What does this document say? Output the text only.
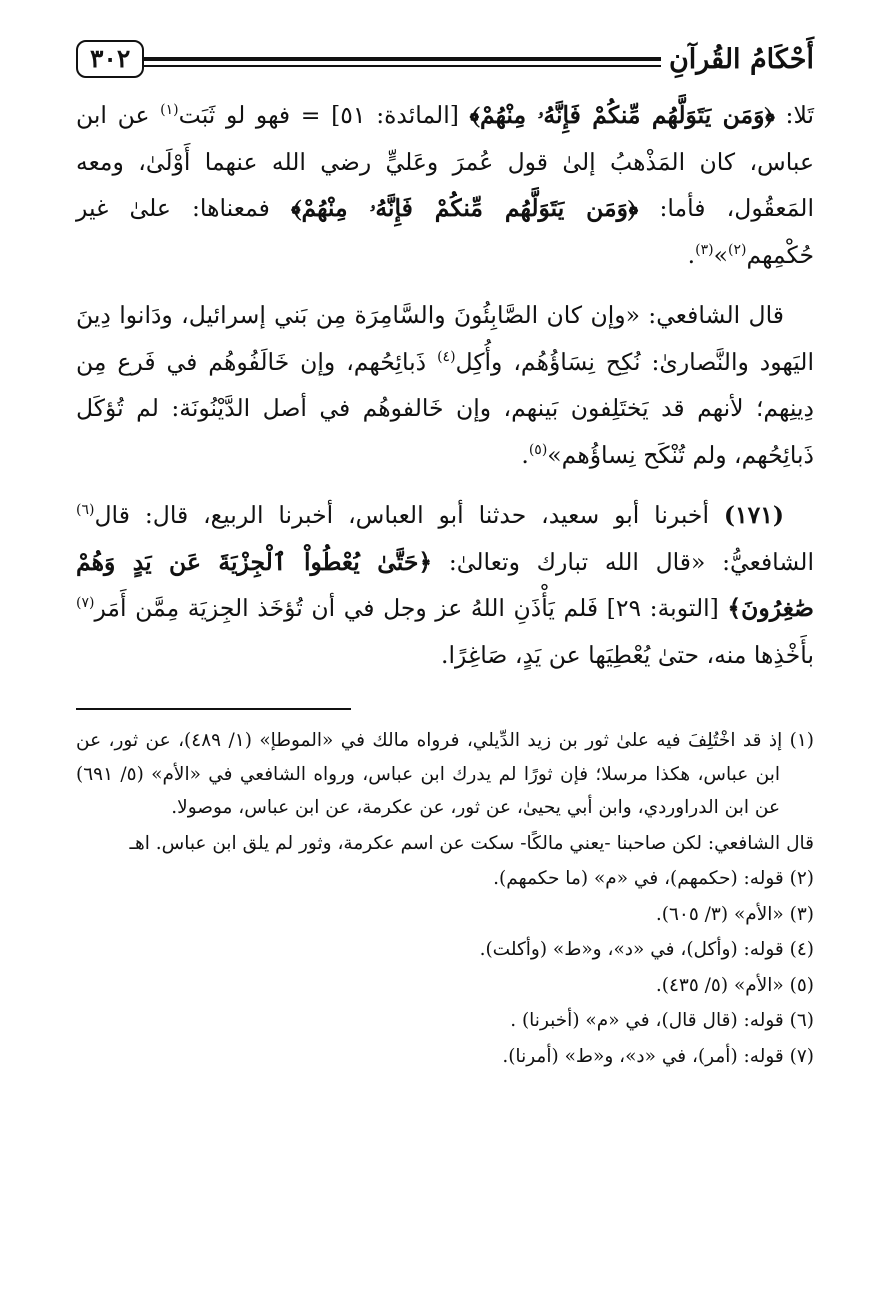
أَحْكَامُ القُرآنِ
٣٠٢

تَلا: ﴿وَمَن يَتَوَلَّهُم مِّنكُمْ فَإِنَّهُۥ مِنْهُمْ﴾ [المائدة: ٥١] = فهو لو ثَبَت$^{(١)}$ عن ابن عباس، كان المَذْهبُ إلىٰ قول عُمرَ وعَليٍّ رضي الله عنهما أَوْلَىٰ، ومعه المَعقُول، فأما: ﴿وَمَن يَتَوَلَّهُم مِّنكُمْ فَإِنَّهُۥ مِنْهُمْ﴾ فمعناها: علىٰ غير حُكْمِهم$^{(٢)}$»$^{(٣)}$.

قال الشافعي: «وإن كان الصَّابِئُونَ والسَّامِرَة مِن بَني إسرائيل، ودَانوا دِينَ اليَهود والنَّصارىٰ: نُكِح نِسَاؤُهُم، وأُكِل$^{(٤)}$ ذَبائِحُهم، وإن خَالَفُوهُم في فَرع مِن دِينِهم؛ لأنهم قد يَختَلِفون بَينهم، وإن خَالفوهُم في أصل الدَّيْنُونَة: لم تُؤكَل ذَبائِحُهم، ولم تُنْكَح نِساؤُهم»$^{(٥)}$.

(١٧١) أخبرنا أبو سعيد، حدثنا أبو العباس، أخبرنا الربيع، قال: قال$^{(٦)}$ الشافعيُّ: «قال الله تبارك وتعالىٰ: ﴿حَتَّىٰ يُعْطُواْ ٱلْجِزْيَةَ عَن يَدٍ وَهُمْ صَٰغِرُونَ﴾ [التوبة: ٢٩] فَلم يَأْذَنِ اللهُ عز وجل في أن تُؤخَذ الجِزيَة مِمَّن أَمَر$^{(٧)}$ بأَخْذِها منه، حتىٰ يُعْطِيَها عن يَدٍ، صَاغِرًا.

(١) إذ قد اخْتُلِفَ فيه علىٰ ثور بن زيد الدِّيلي، فرواه مالك في «الموطإ» (١/ ٤٨٩)، عن ثور، عن ابن عباس، هكذا مرسلا؛ فإن ثورًا لم يدرك ابن عباس، ورواه الشافعي في «الأم» (٥/ ٦٩١) عن ابن الدراوردي، وابن أبي يحيىٰ، عن ثور، عن عكرمة، عن ابن عباس، موصولا.
قال الشافعي: لكن صاحبنا -يعني مالكًا- سكت عن اسم عكرمة، وثور لم يلق ابن عباس. اهـ
(٢) قوله: (حكمهم)، في «م» (ما حكمهم).
(٣) «الأم» (٣/ ٦٠٥).
(٤) قوله: (وأكل)، في «د»، و«ط» (وأكلت).
(٥) «الأم» (٥/ ٤٣٥).
(٦) قوله: (قال قال)، في «م» (أخبرنا) .
(٧) قوله: (أمر)، في «د»، و«ط» (أمرنا).
